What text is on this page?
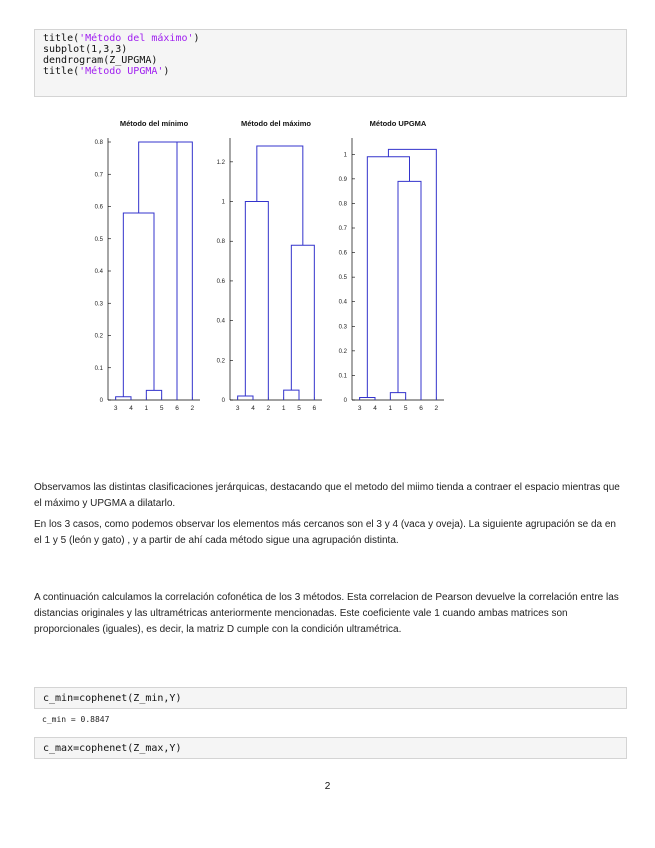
title('Método del máximo')
subplot(1,3,3)
dendrogram(Z_UPGMA)
title('Método UPGMA')
Método del mínimo
0
0.1
0.2
0.3
0.4
0.5
0.6
0.7
0.8
3 4 1 5 6 2
Método del máximo
0
0.2
0.4
0.6
0.8
1
1.2
3 4 2 1 5 6
Método UPGMA
0
0.1
0.2
0.3
0.4
0.5
0.6
0.7
0.8
0.9
1
3 4 1 5 6 2

Observamos las distintas clasificaciones jerárquicas, destacando que el metodo del miimo tienda a contraer el espacio mientras que el máximo y UPGMA a dilatarlo.

En los 3 casos, como podemos observar los elementos más cercanos son el 3 y 4 (vaca y oveja). La siguiente agrupación se da en el 1 y 5 (león y gato) , y a partir de ahí cada método sigue una agrupación distinta.

A continuación calculamos la correlación cofonética de los 3 métodos. Esta correlacion de Pearson devuelve la correlación entre las distancias originales y las ultramétricas anteriormente mencionadas. Este coeficiente vale 1 cuando ambas matrices son proporcionales (iguales), es decir, la matriz D cumple con la condición ultramétrica.

c_min=cophenet(Z_min,Y)
c_min = 0.8847
c_max=cophenet(Z_max,Y)
2
